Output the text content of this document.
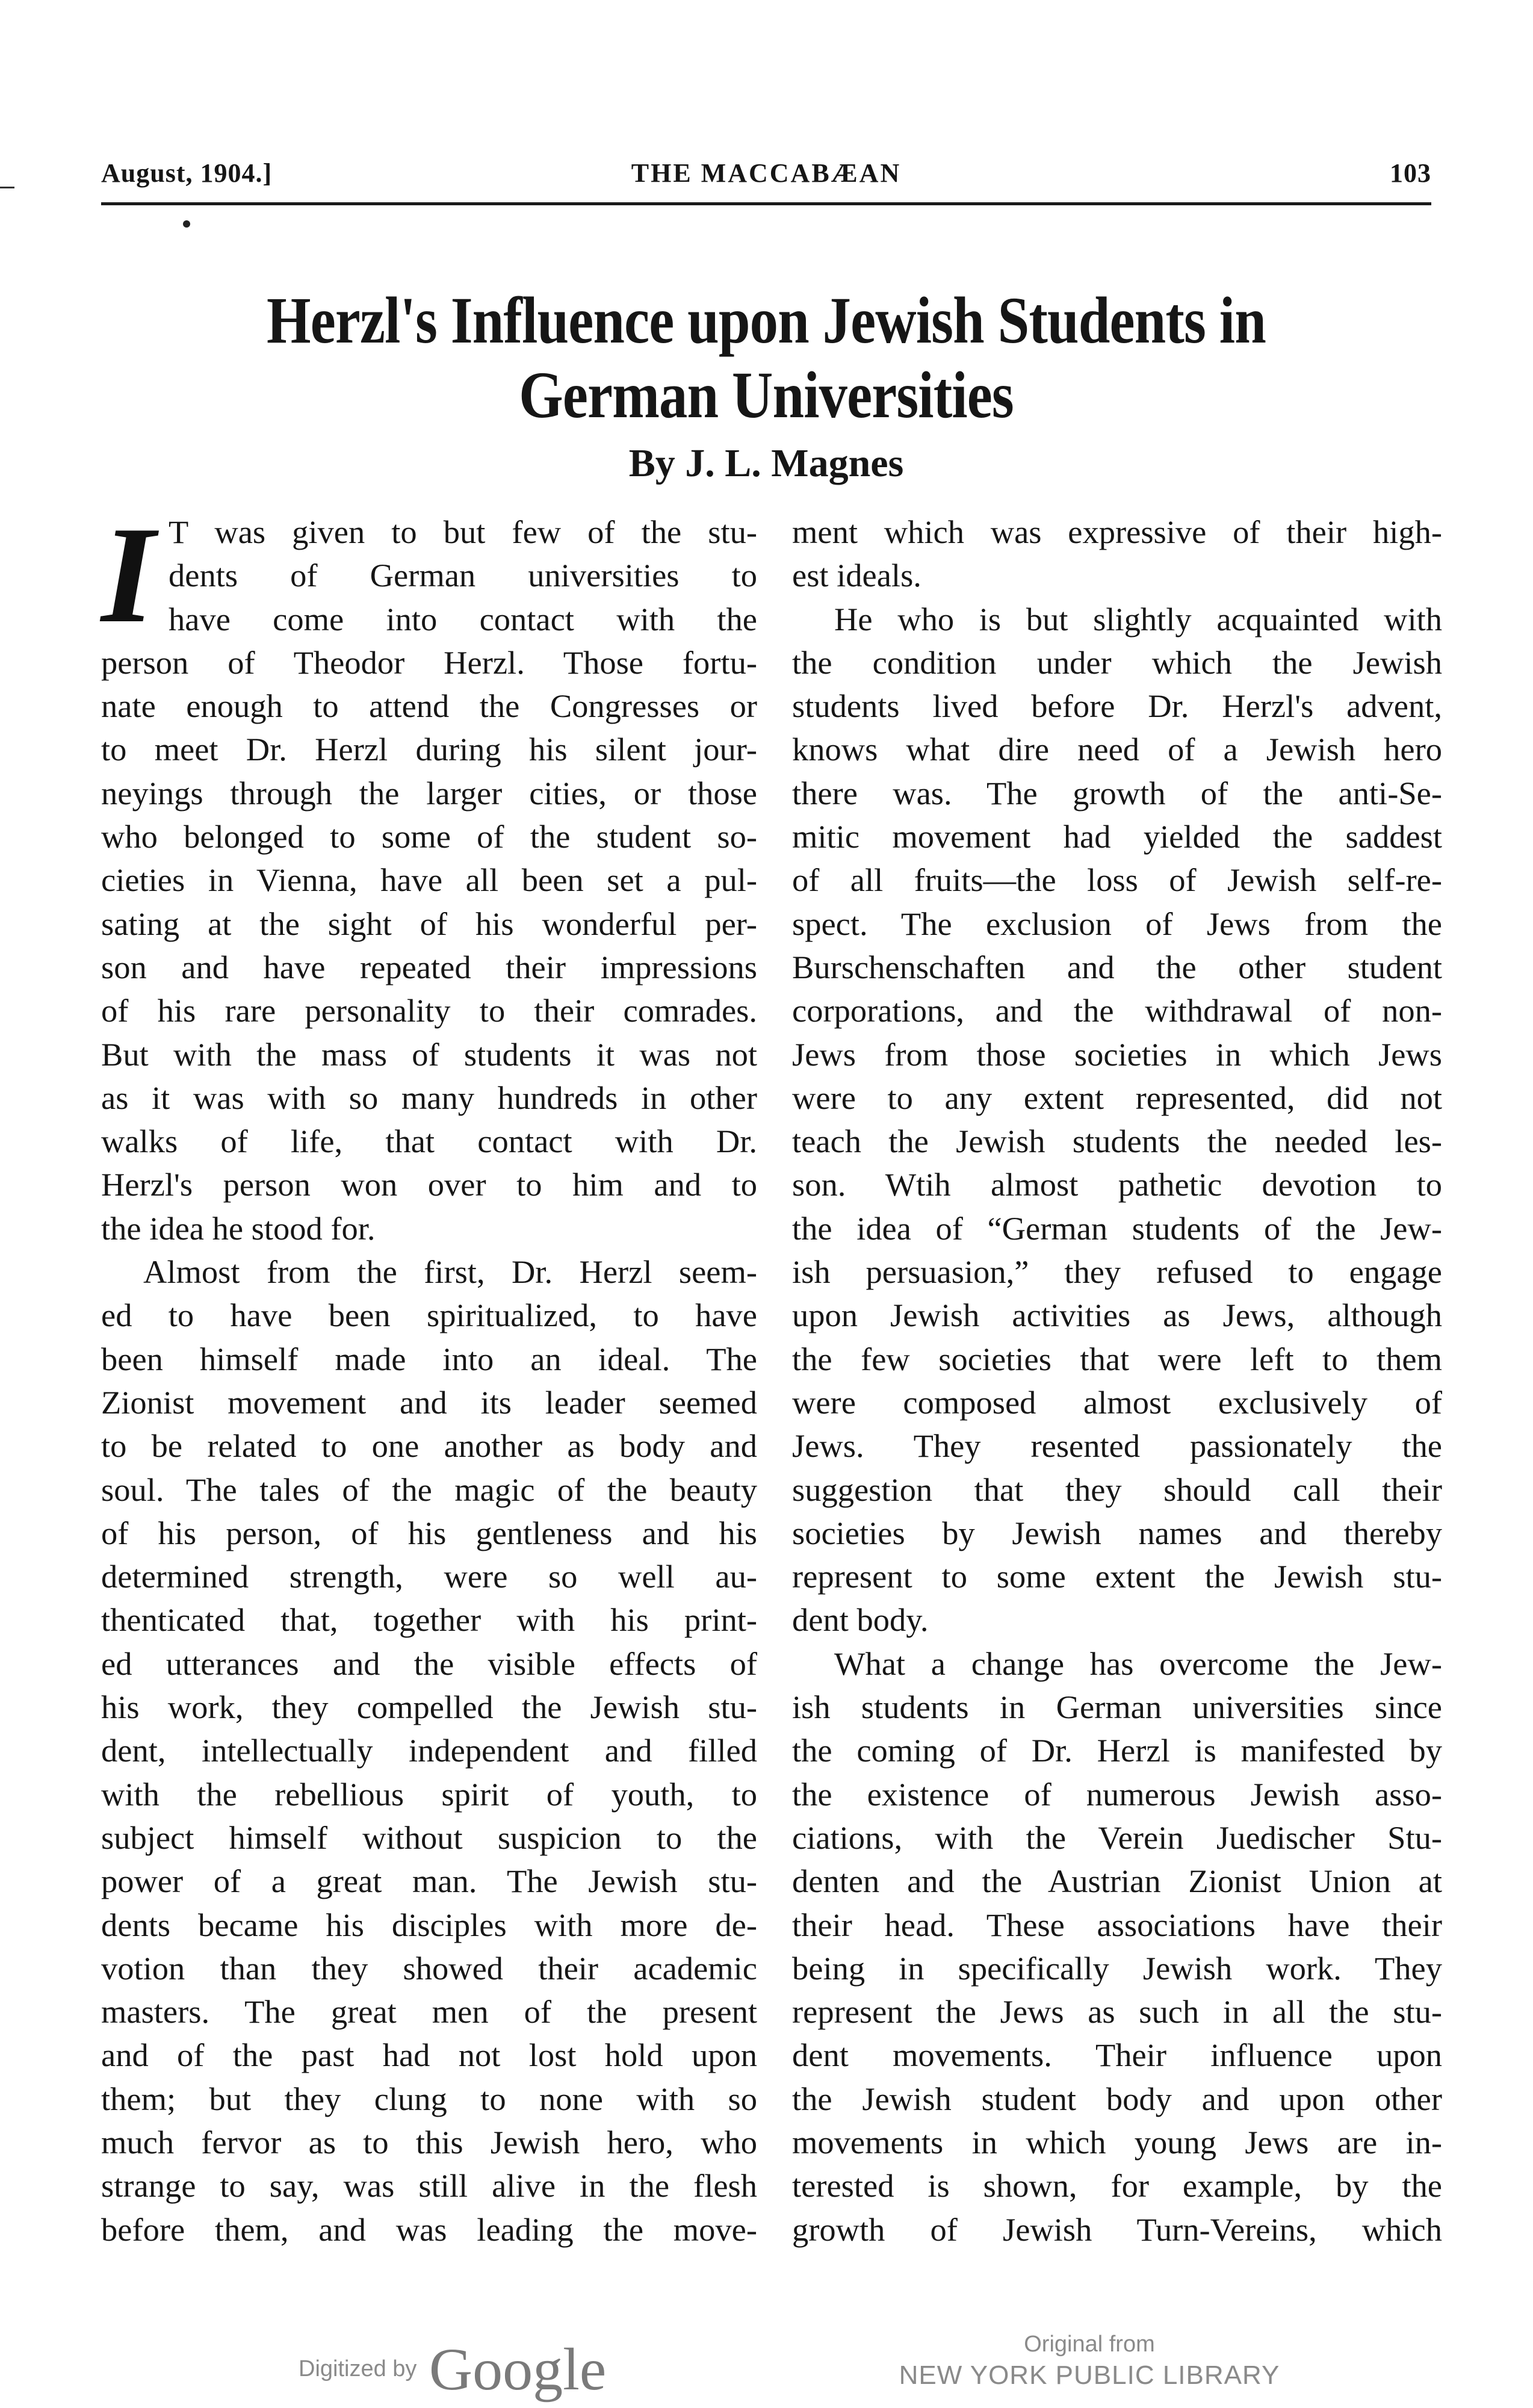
August, 1904.]	THE MACCABÆAN	103
Herzl's Influence upon Jewish Students in
German Universities
By J. L. Magnes
I T was given to but few of the stu-
dents of German universities to
have come into contact with the
person of Theodor Herzl. Those fortu-
nate enough to attend the Congresses or
to meet Dr. Herzl during his silent jour-
neyings through the larger cities, or those
who belonged to some of the student so-
cieties in Vienna, have all been set a pul-
sating at the sight of his wonderful per-
son and have repeated their impressions
of his rare personality to their comrades.
But with the mass of students it was not
as it was with so many hundreds in other
walks of life, that contact with Dr.
Herzl's person won over to him and to
the idea he stood for.
Almost from the first, Dr. Herzl seem-
ed to have been spiritualized, to have
been himself made into an ideal. The
Zionist movement and its leader seemed
to be related to one another as body and
soul. The tales of the magic of the beauty
of his person, of his gentleness and his
determined strength, were so well au-
thenticated that, together with his print-
ed utterances and the visible effects of
his work, they compelled the Jewish stu-
dent, intellectually independent and filled
with the rebellious spirit of youth, to
subject himself without suspicion to the
power of a great man. The Jewish stu-
dents became his disciples with more de-
votion than they showed their academic
masters. The great men of the present
and of the past had not lost hold upon
them; but they clung to none with so
much fervor as to this Jewish hero, who
strange to say, was still alive in the flesh
before them, and was leading the move-
ment which was expressive of their high-
est ideals.
He who is but slightly acquainted with
the condition under which the Jewish
students lived before Dr. Herzl's advent,
knows what dire need of a Jewish hero
there was. The growth of the anti-Se-
mitic movement had yielded the saddest
of all fruits—the loss of Jewish self-re-
spect. The exclusion of Jews from the
Burschenschaften and the other student
corporations, and the withdrawal of non-
Jews from those societies in which Jews
were to any extent represented, did not
teach the Jewish students the needed les-
son. Wtih almost pathetic devotion to
the idea of “German students of the Jew-
ish persuasion,” they refused to engage
upon Jewish activities as Jews, although
the few societies that were left to them
were composed almost exclusively of
Jews. They resented passionately the
suggestion that they should call their
societies by Jewish names and thereby
represent to some extent the Jewish stu-
dent body.
What a change has overcome the Jew-
ish students in German universities since
the coming of Dr. Herzl is manifested by
the existence of numerous Jewish asso-
ciations, with the Verein Juedischer Stu-
denten and the Austrian Zionist Union at
their head. These associations have their
being in specifically Jewish work. They
represent the Jews as such in all the stu-
dent movements. Their influence upon
the Jewish student body and upon other
movements in which young Jews are in-
terested is shown, for example, by the
growth of Jewish Turn-Vereins, which
Digitized by Google	Original from
NEW YORK PUBLIC LIBRARY
